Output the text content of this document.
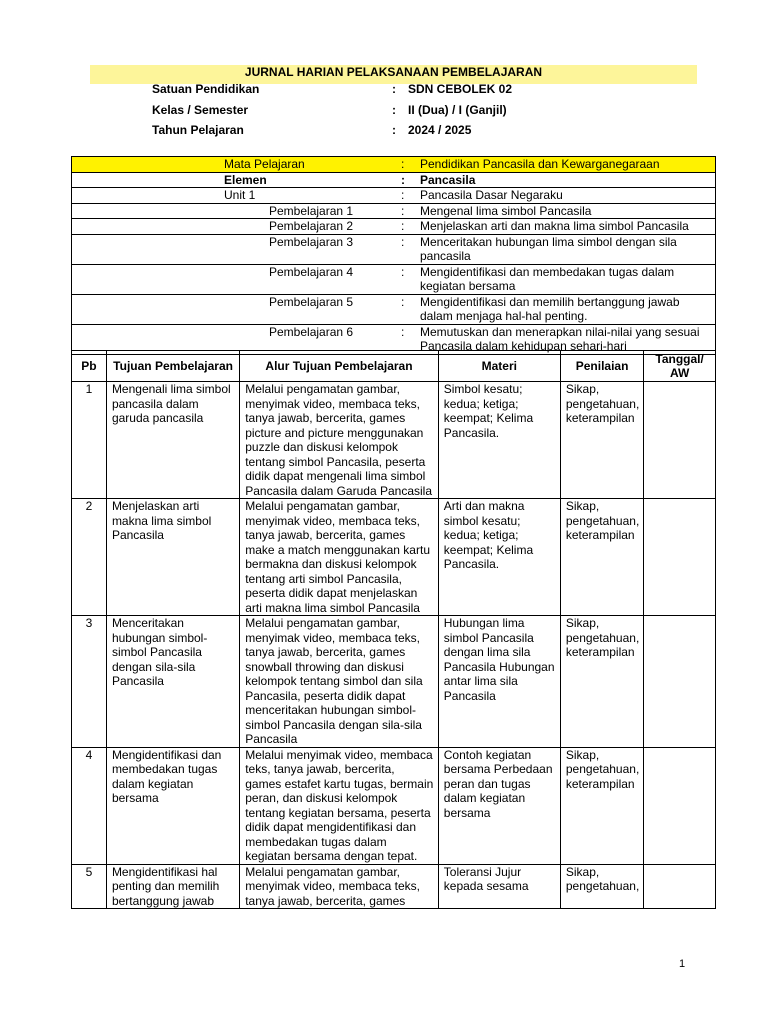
JURNAL HARIAN PELAKSANAAN PEMBELAJARAN
Satuan Pendidikan	: SDN CEBOLEK 02
Kelas / Semester	: II (Dua) / I (Ganjil)
Tahun Pelajaran	: 2024 / 2025
Mata Pelajaran	: Pendidikan Pancasila dan Kewarganegaraan

Elemen	: Pancasila

Unit 1	: Pancasila Dasar Negaraku

Pembelajaran 1	: Mengenal lima simbol Pancasila

Pembelajaran 2	: Menjelaskan arti dan makna lima simbol Pancasila

Pembelajaran 3	: Menceritakan hubungan lima simbol dengan sila pancasila

Pembelajaran 4	: Mengidentifikasi dan membedakan tugas dalam kegiatan bersama

Pembelajaran 5	: Mengidentifikasi dan memilih bertanggung jawab dalam menjaga hal-hal penting.

Pembelajaran 6	: Memutuskan dan menerapkan nilai-nilai yang sesuai Pancasila dalam kehidupan sehari-hari
Pb	Tujuan Pembelajaran	Alur Tujuan Pembelajaran	Materi	Penilaian	Tanggal/ AW
1	Mengenali lima simbol pancasila dalam garuda pancasila	Melalui pengamatan gambar, menyimak video, membaca teks, tanya jawab, bercerita, games picture and picture menggunakan puzzle dan diskusi kelompok tentang simbol Pancasila, peserta didik dapat mengenali lima simbol Pancasila dalam Garuda Pancasila	Simbol kesatu; kedua; ketiga; keempat; Kelima Pancasila.	Sikap, pengetahuan, keterampilan	
2	Menjelaskan arti makna lima simbol Pancasila	Melalui pengamatan gambar, menyimak video, membaca teks, tanya jawab, bercerita, games make a match menggunakan kartu bermakna dan diskusi kelompok tentang arti simbol Pancasila, peserta didik dapat menjelaskan arti makna lima simbol Pancasila	Arti dan makna simbol kesatu; kedua; ketiga; keempat; Kelima Pancasila.	Sikap, pengetahuan, keterampilan	
3	Menceritakan hubungan simbol-simbol Pancasila dengan sila-sila Pancasila	Melalui pengamatan gambar, menyimak video, membaca teks, tanya jawab, bercerita, games snowball throwing dan diskusi kelompok tentang simbol dan sila Pancasila, peserta didik dapat menceritakan hubungan simbol-simbol Pancasila dengan sila-sila Pancasila	Hubungan lima simbol Pancasila dengan lima sila Pancasila Hubungan antar lima sila Pancasila	Sikap, pengetahuan, keterampilan	
4	Mengidentifikasi dan membedakan tugas dalam kegiatan bersama	Melalui menyimak video, membaca teks, tanya jawab, bercerita, games estafet kartu tugas, bermain peran, dan diskusi kelompok tentang kegiatan bersama, peserta didik dapat mengidentifikasi dan membedakan tugas dalam kegiatan bersama dengan tepat.	Contoh kegiatan bersama Perbedaan peran dan tugas dalam kegiatan bersama	Sikap, pengetahuan, keterampilan	
5	Mengidentifikasi hal penting dan memilih bertanggung jawab	Melalui pengamatan gambar, menyimak video, membaca teks, tanya jawab, bercerita, games	Toleransi Jujur kepada sesama	Sikap, pengetahuan,	
1
